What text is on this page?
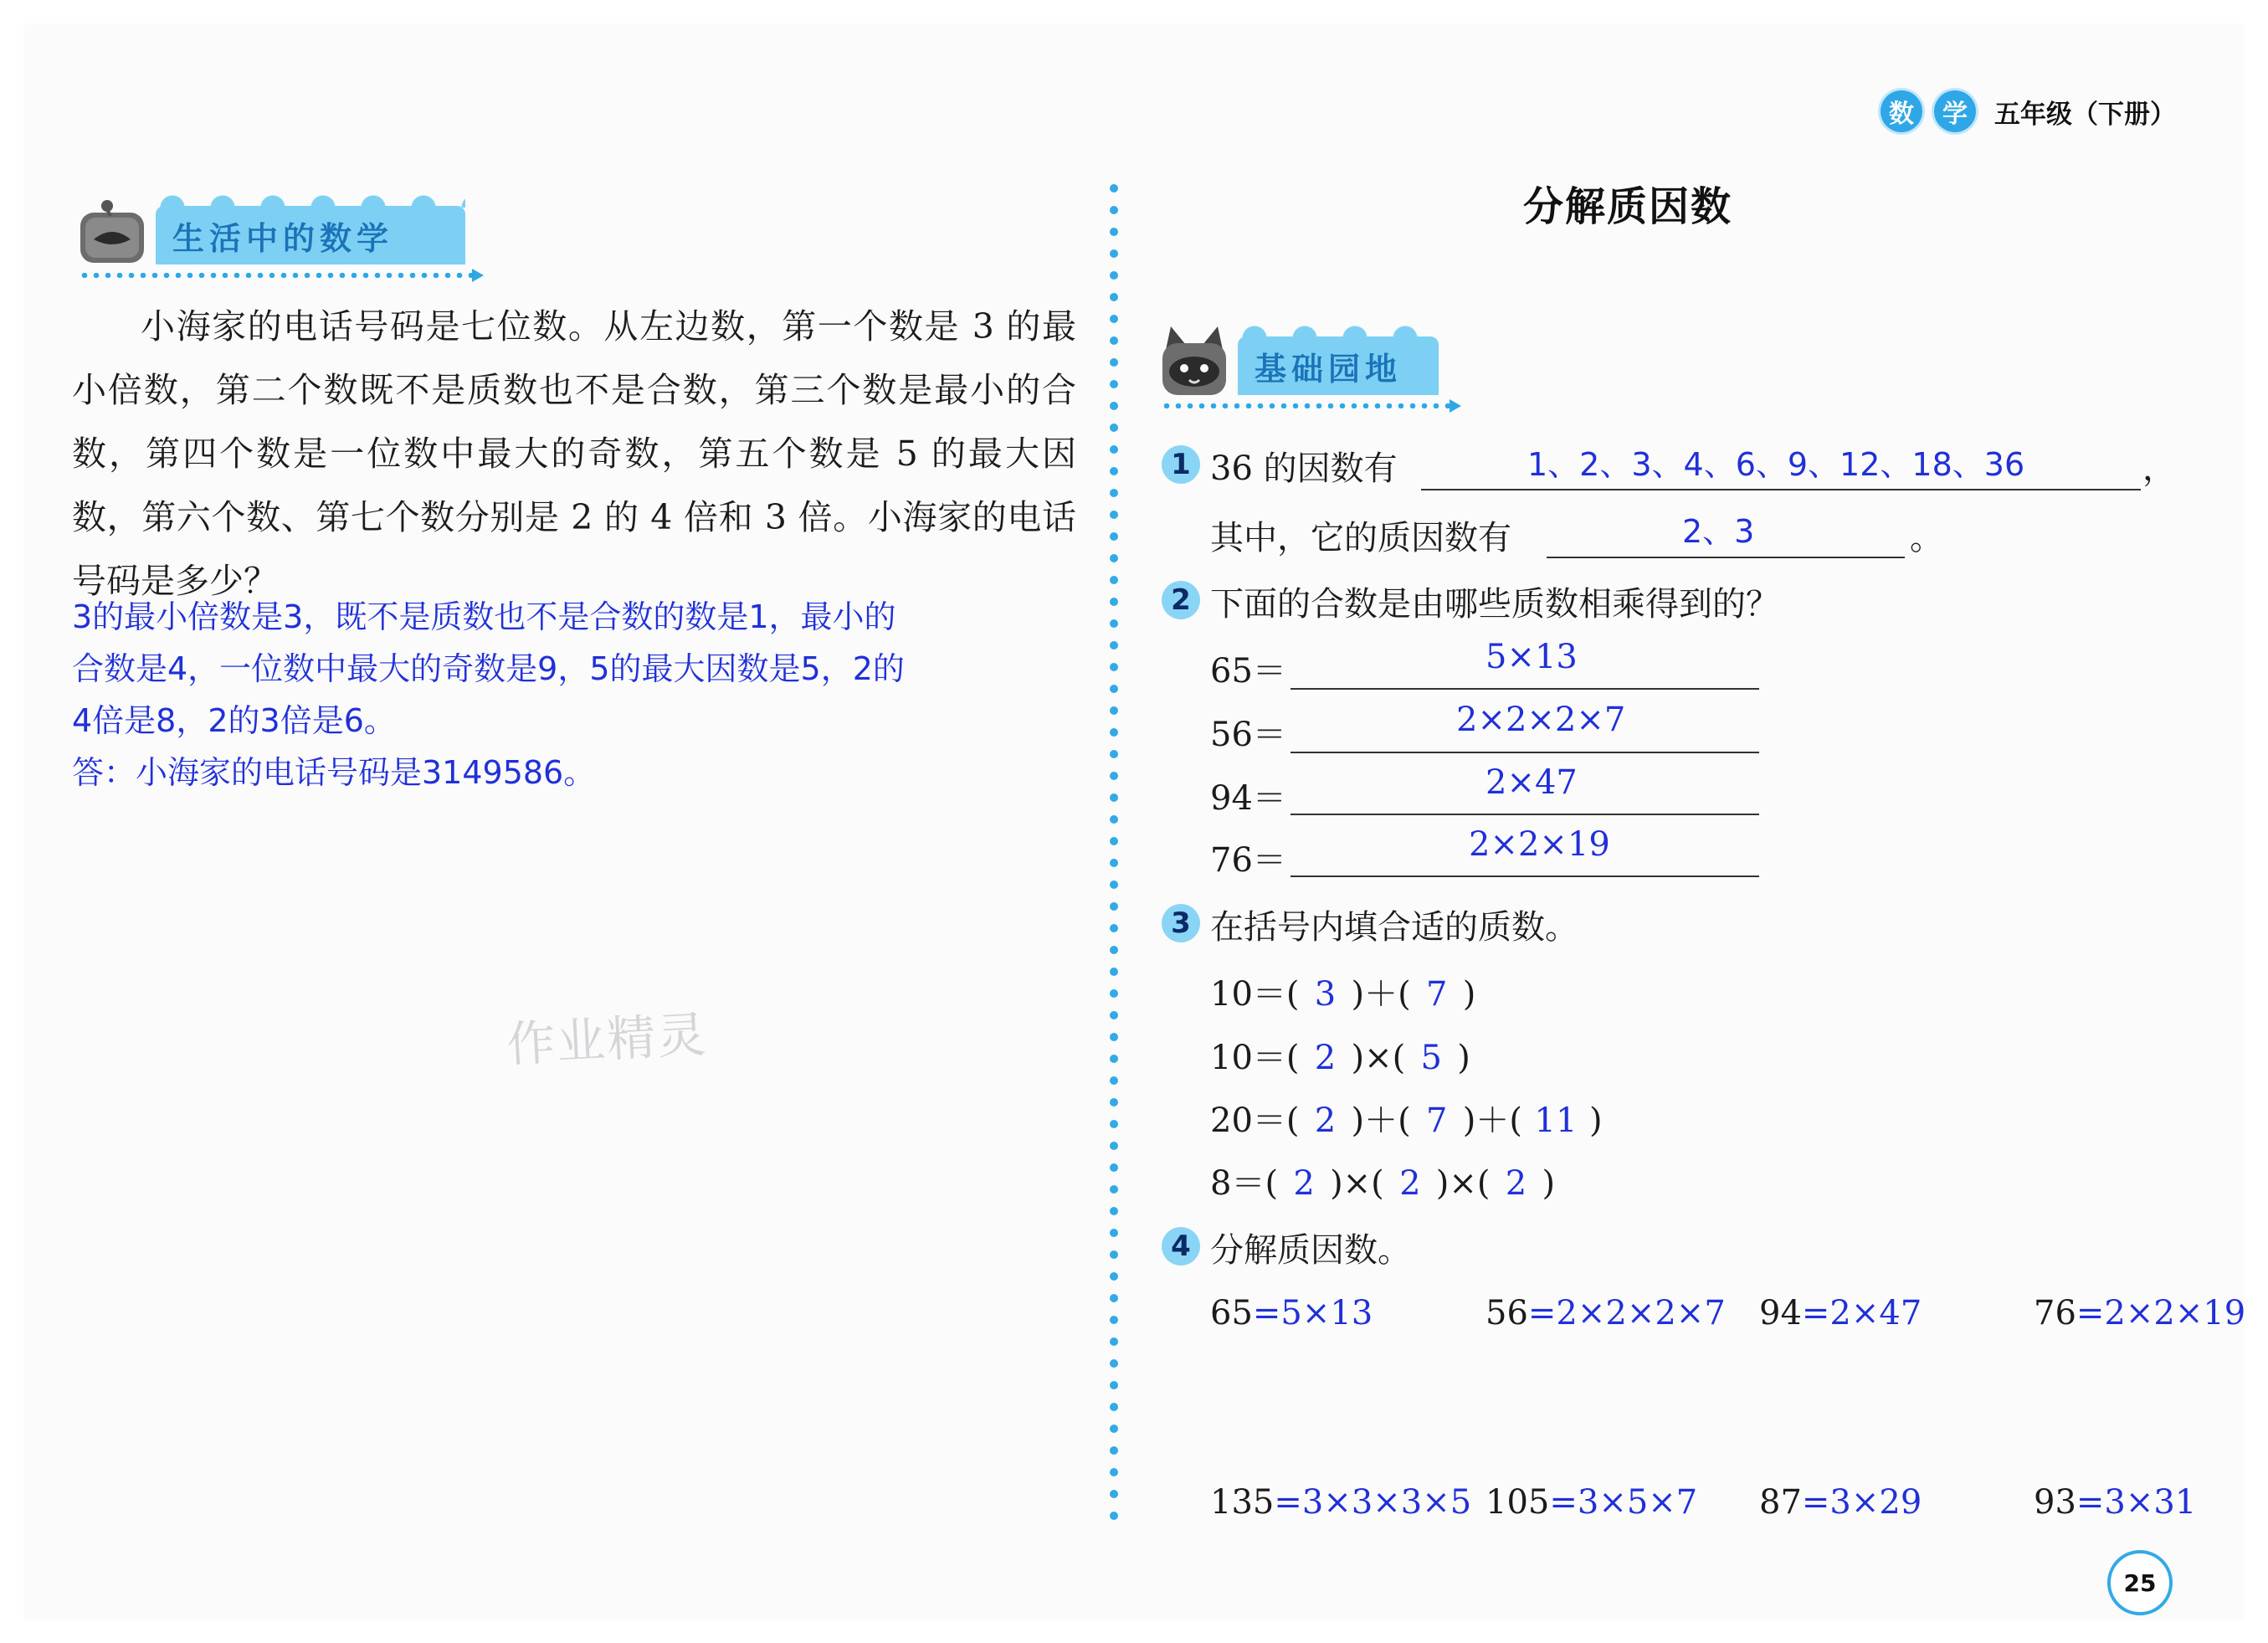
数	学	五年级（下册）
生活中的数学
小海家的电话号码是七位数。从左边数，第一个数是 3 的最小倍数，第二个数既不是质数也不是合数，第三个数是最小的合数，第四个数是一位数中最大的奇数，第五个数是 5 的最大因数，第六个数、第七个数分别是 2 的 4 倍和 3 倍。小海家的电话号码是多少？
3的最小倍数是3，既不是质数也不是合数的数是1，最小的
合数是4，一位数中最大的奇数是9，5的最大因数是5，2的
4倍是8，2的3倍是6。
答：小海家的电话号码是3149586。
作业精灵
分解质因数
基础园地
1 36 的因数有	1、2、3、4、6、9、12、18、36	，
其中，它的质因数有	2、3	。
2 下面的合数是由哪些质数相乘得到的？
65＝	5×13
56＝	2×2×2×7
94＝	2×47
76＝	2×2×19
3 在括号内填合适的质数。
10＝( 3 )＋( 7 )
10＝( 2 )×( 5 )
20＝( 2 )＋( 7 )＋( 11 )
8＝( 2 )×( 2 )×( 2 )
4 分解质因数。
65=5×13	56=2×2×2×7 94=2×47	76=2×2×19
135=3×3×3×5 105=3×5×7 87=3×29	93=3×31
25
